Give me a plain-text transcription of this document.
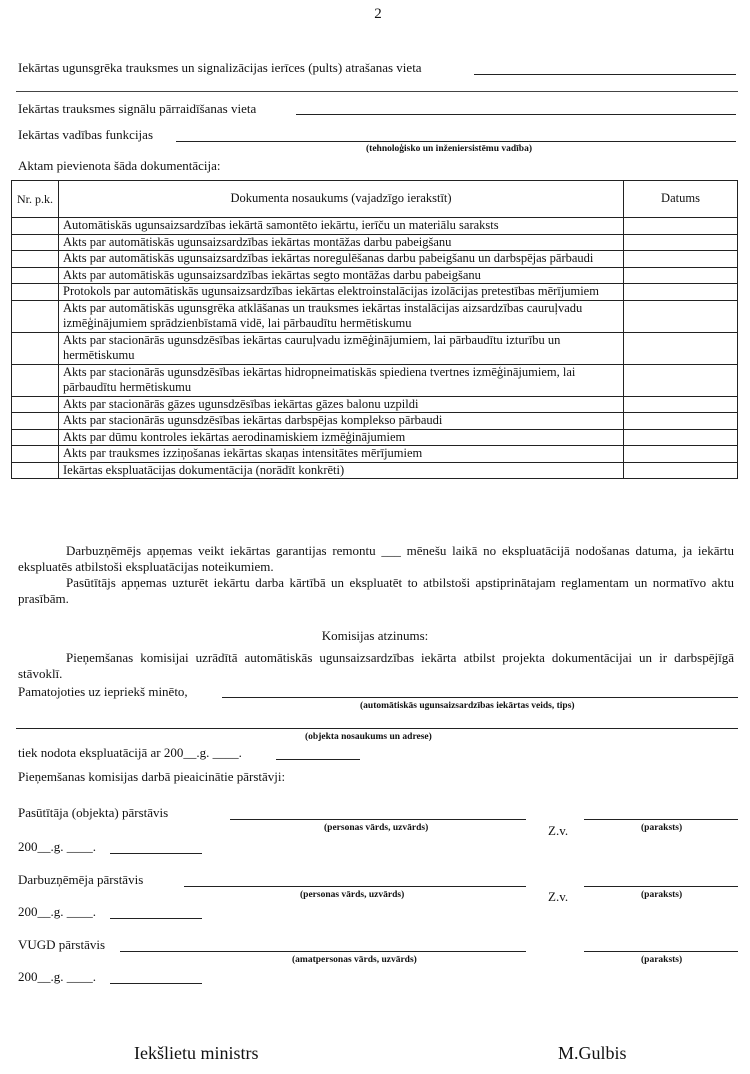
2
Iekārtas ugunsgrēka trauksmes un signalizācijas ierīces (pults) atrašanas vieta
Iekārtas trauksmes signālu pārraidīšanas vieta
Iekārtas vadības funkcijas
(tehnoloģisko un inženiersistēmu vadība)
Aktam pievienota šāda dokumentācija:
Nr. p.k.	Dokumenta nosaukums (vajadzīgo ierakstīt)	Datums
	Automātiskās ugunsaizsardzības iekārtā samontēto iekārtu, ierīču un materiālu saraksts	
	Akts par automātiskās ugunsaizsardzības iekārtas montāžas darbu pabeigšanu	
	Akts par automātiskās ugunsaizsardzības iekārtas noregulēšanas darbu pabeigšanu un darbspējas pārbaudi	
	Akts par automātiskās ugunsaizsardzības iekārtas segto montāžas darbu pabeigšanu	
	Protokols par automātiskās ugunsaizsardzības iekārtas elektroinstalācijas izolācijas pretestības mērījumiem	
	Akts par automātiskās ugunsgrēka atklāšanas un trauksmes iekārtas instalācijas aizsardzības cauruļvadu izmēģinājumiem sprādzienbīstamā vidē, lai pārbaudītu hermētiskumu	
	Akts par stacionārās ugunsdzēsības iekārtas cauruļvadu izmēģinājumiem, lai pārbaudītu izturību un hermētiskumu	
	Akts par stacionārās ugunsdzēsības iekārtas hidropneimatiskās spiediena tvertnes izmēģinājumiem, lai pārbaudītu hermētiskumu	
	Akts par stacionārās gāzes ugunsdzēsības iekārtas gāzes balonu uzpildi	
	Akts par stacionārās ugunsdzēsības iekārtas darbspējas komplekso pārbaudi	
	Akts par dūmu kontroles iekārtas aerodinamiskiem izmēģinājumiem	
	Akts par trauksmes izziņošanas iekārtas skaņas intensitātes mērījumiem	
	Iekārtas ekspluatācijas dokumentācija (norādīt konkrēti)	

Darbuzņēmējs apņemas veikt iekārtas garantijas remontu ___ mēnešu laikā no ekspluatācijā nodošanas datuma, ja iekārtu ekspluatēs atbilstoši ekspluatācijas noteikumiem.

Pasūtītājs apņemas uzturēt iekārtu darba kārtībā un ekspluatēt to atbilstoši apstiprinātajam reglamentam un normatīvo aktu prasībām.

Komisijas atzinums:

Pieņemšanas komisijai uzrādītā automātiskās ugunsaizsardzības iekārta atbilst projekta dokumentācijai un ir darbspējīgā stāvoklī.

Pamatojoties uz iepriekš minēto,
(automātiskās ugunsaizsardzības iekārtas veids, tips)
(objekta nosaukums un adrese)
tiek nodota ekspluatācijā ar 200__.g. ____.
Pieņemšanas komisijas darbā pieaicinātie pārstāvji:
Pasūtītāja (objekta) pārstāvis
(personas vārds, uzvārds)	Z.v.	(paraksts)
200__.g. ____.
Darbuzņēmēja pārstāvis
(personas vārds, uzvārds)	Z.v.	(paraksts)
200__.g. ____.
VUGD pārstāvis
(amatpersonas vārds, uzvārds)	(paraksts)
200__.g. ____.
Iekšlietu ministrs	M.Gulbis
